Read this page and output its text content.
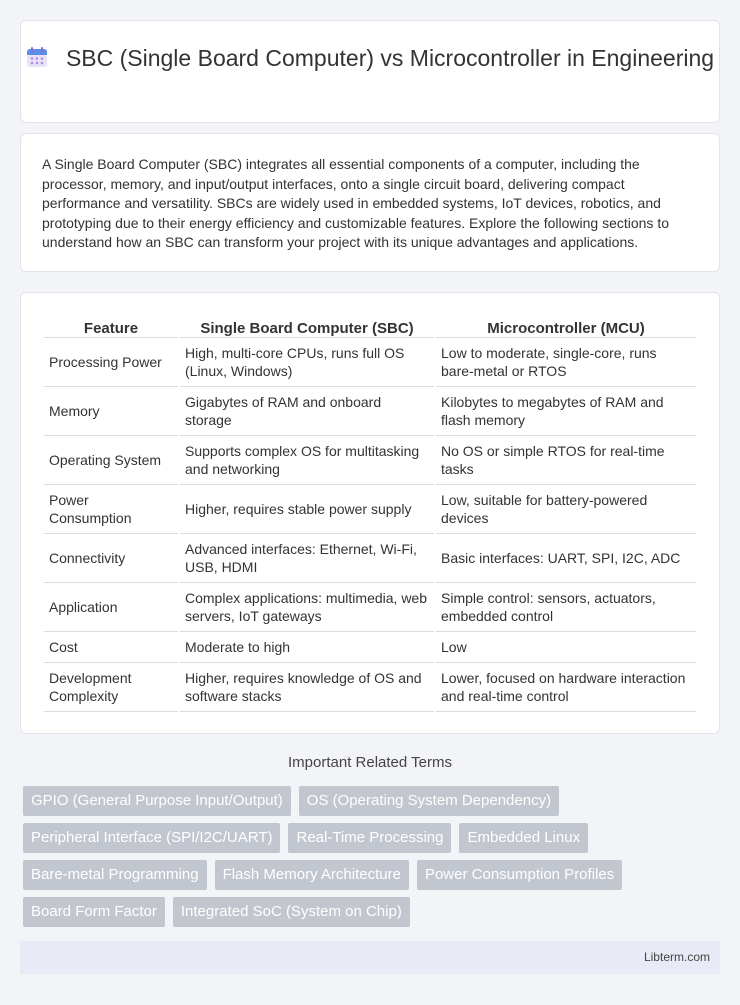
SBC (Single Board Computer) vs Microcontroller in Engineering

A Single Board Computer (SBC) integrates all essential components of a computer, including the processor, memory, and input/output interfaces, onto a single circuit board, delivering compact performance and versatility. SBCs are widely used in embedded systems, IoT devices, robotics, and prototyping due to their energy efficiency and customizable features. Explore the following sections to understand how an SBC can transform your project with its unique advantages and applications.

Feature	Single Board Computer (SBC)	Microcontroller (MCU)
Processing Power	High, multi-core CPUs, runs full OS (Linux, Windows)	Low to moderate, single-core, runs bare-metal or RTOS
Memory	Gigabytes of RAM and onboard storage	Kilobytes to megabytes of RAM and flash memory
Operating System	Supports complex OS for multitasking and networking	No OS or simple RTOS for real-time tasks
Power Consumption	Higher, requires stable power supply	Low, suitable for battery-powered devices
Connectivity	Advanced interfaces: Ethernet, Wi-Fi, USB, HDMI	Basic interfaces: UART, SPI, I2C, ADC
Application	Complex applications: multimedia, web servers, IoT gateways	Simple control: sensors, actuators, embedded control
Cost	Moderate to high	Low
Development Complexity	Higher, requires knowledge of OS and software stacks	Lower, focused on hardware interaction and real-time control
Important Related Terms
GPIO (General Purpose Input/Output)	OS (Operating System Dependency)
Peripheral Interface (SPI/I2C/UART)	Real-Time Processing	Embedded Linux
Bare-metal Programming	Flash Memory Architecture	Power Consumption Profiles
Board Form Factor	Integrated SoC (System on Chip)
Libterm.com
